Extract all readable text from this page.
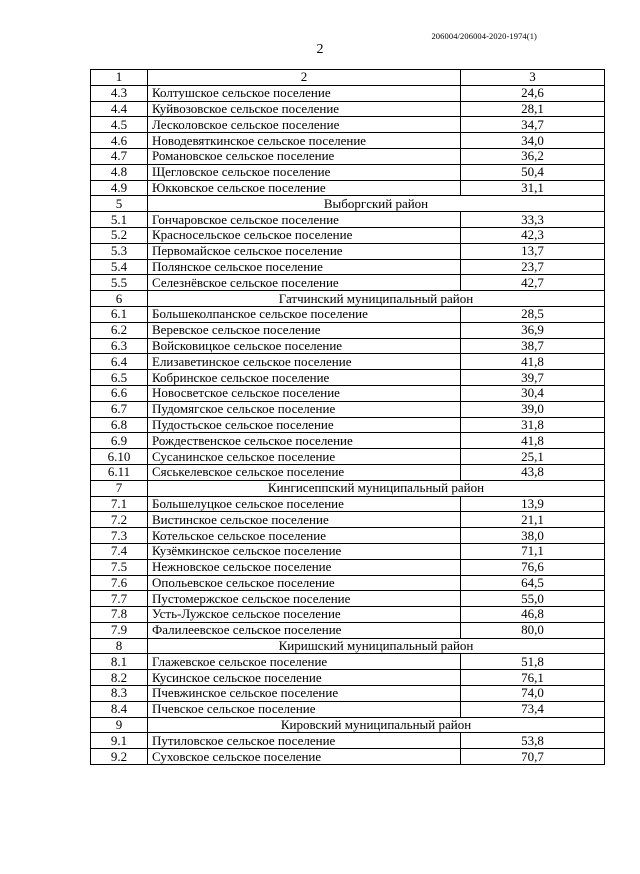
206004/206004-2020-1974(1)
2
1	2	3
4.3	Колтушское сельское поселение	24,6
4.4	Куйвозовское сельское поселение	28,1
4.5	Лесколовское сельское поселение	34,7
4.6	Новодевяткинское сельское поселение	34,0
4.7	Романовское сельское поселение	36,2
4.8	Щегловское сельское поселение	50,4
4.9	Юкковское сельское поселение	31,1
5	Выборгский район	
5.1	Гончаровское сельское поселение	33,3
5.2	Красносельское сельское поселение	42,3
5.3	Первомайское сельское поселение	13,7
5.4	Полянское сельское поселение	23,7
5.5	Селезнёвское сельское поселение	42,7
6	Гатчинский муниципальный район	
6.1	Большеколпанское сельское поселение	28,5
6.2	Веревское сельское поселение	36,9
6.3	Войсковицкое сельское поселение	38,7
6.4	Елизаветинское сельское поселение	41,8
6.5	Кобринское сельское поселение	39,7
6.6	Новосветское сельское поселение	30,4
6.7	Пудомягское сельское поселение	39,0
6.8	Пудостьское сельское поселение	31,8
6.9	Рождественское сельское поселение	41,8
6.10	Сусанинское сельское поселение	25,1
6.11	Сяськелевское сельское поселение	43,8
7	Кингисеппский муниципальный район	
7.1	Большелуцкое сельское поселение	13,9
7.2	Вистинское сельское поселение	21,1
7.3	Котельское сельское поселение	38,0
7.4	Кузёмкинское сельское поселение	71,1
7.5	Нежновское сельское поселение	76,6
7.6	Опольевское сельское поселение	64,5
7.7	Пустомержское сельское поселение	55,0
7.8	Усть-Лужское сельское поселение	46,8
7.9	Фалилеевское сельское поселение	80,0
8	Киришский муниципальный район	
8.1	Глажевское сельское поселение	51,8
8.2	Кусинское сельское поселение	76,1
8.3	Пчевжинское сельское поселение	74,0
8.4	Пчевское сельское поселение	73,4
9	Кировский муниципальный район	
9.1	Путиловское сельское поселение	53,8
9.2	Суховское сельское поселение	70,7
